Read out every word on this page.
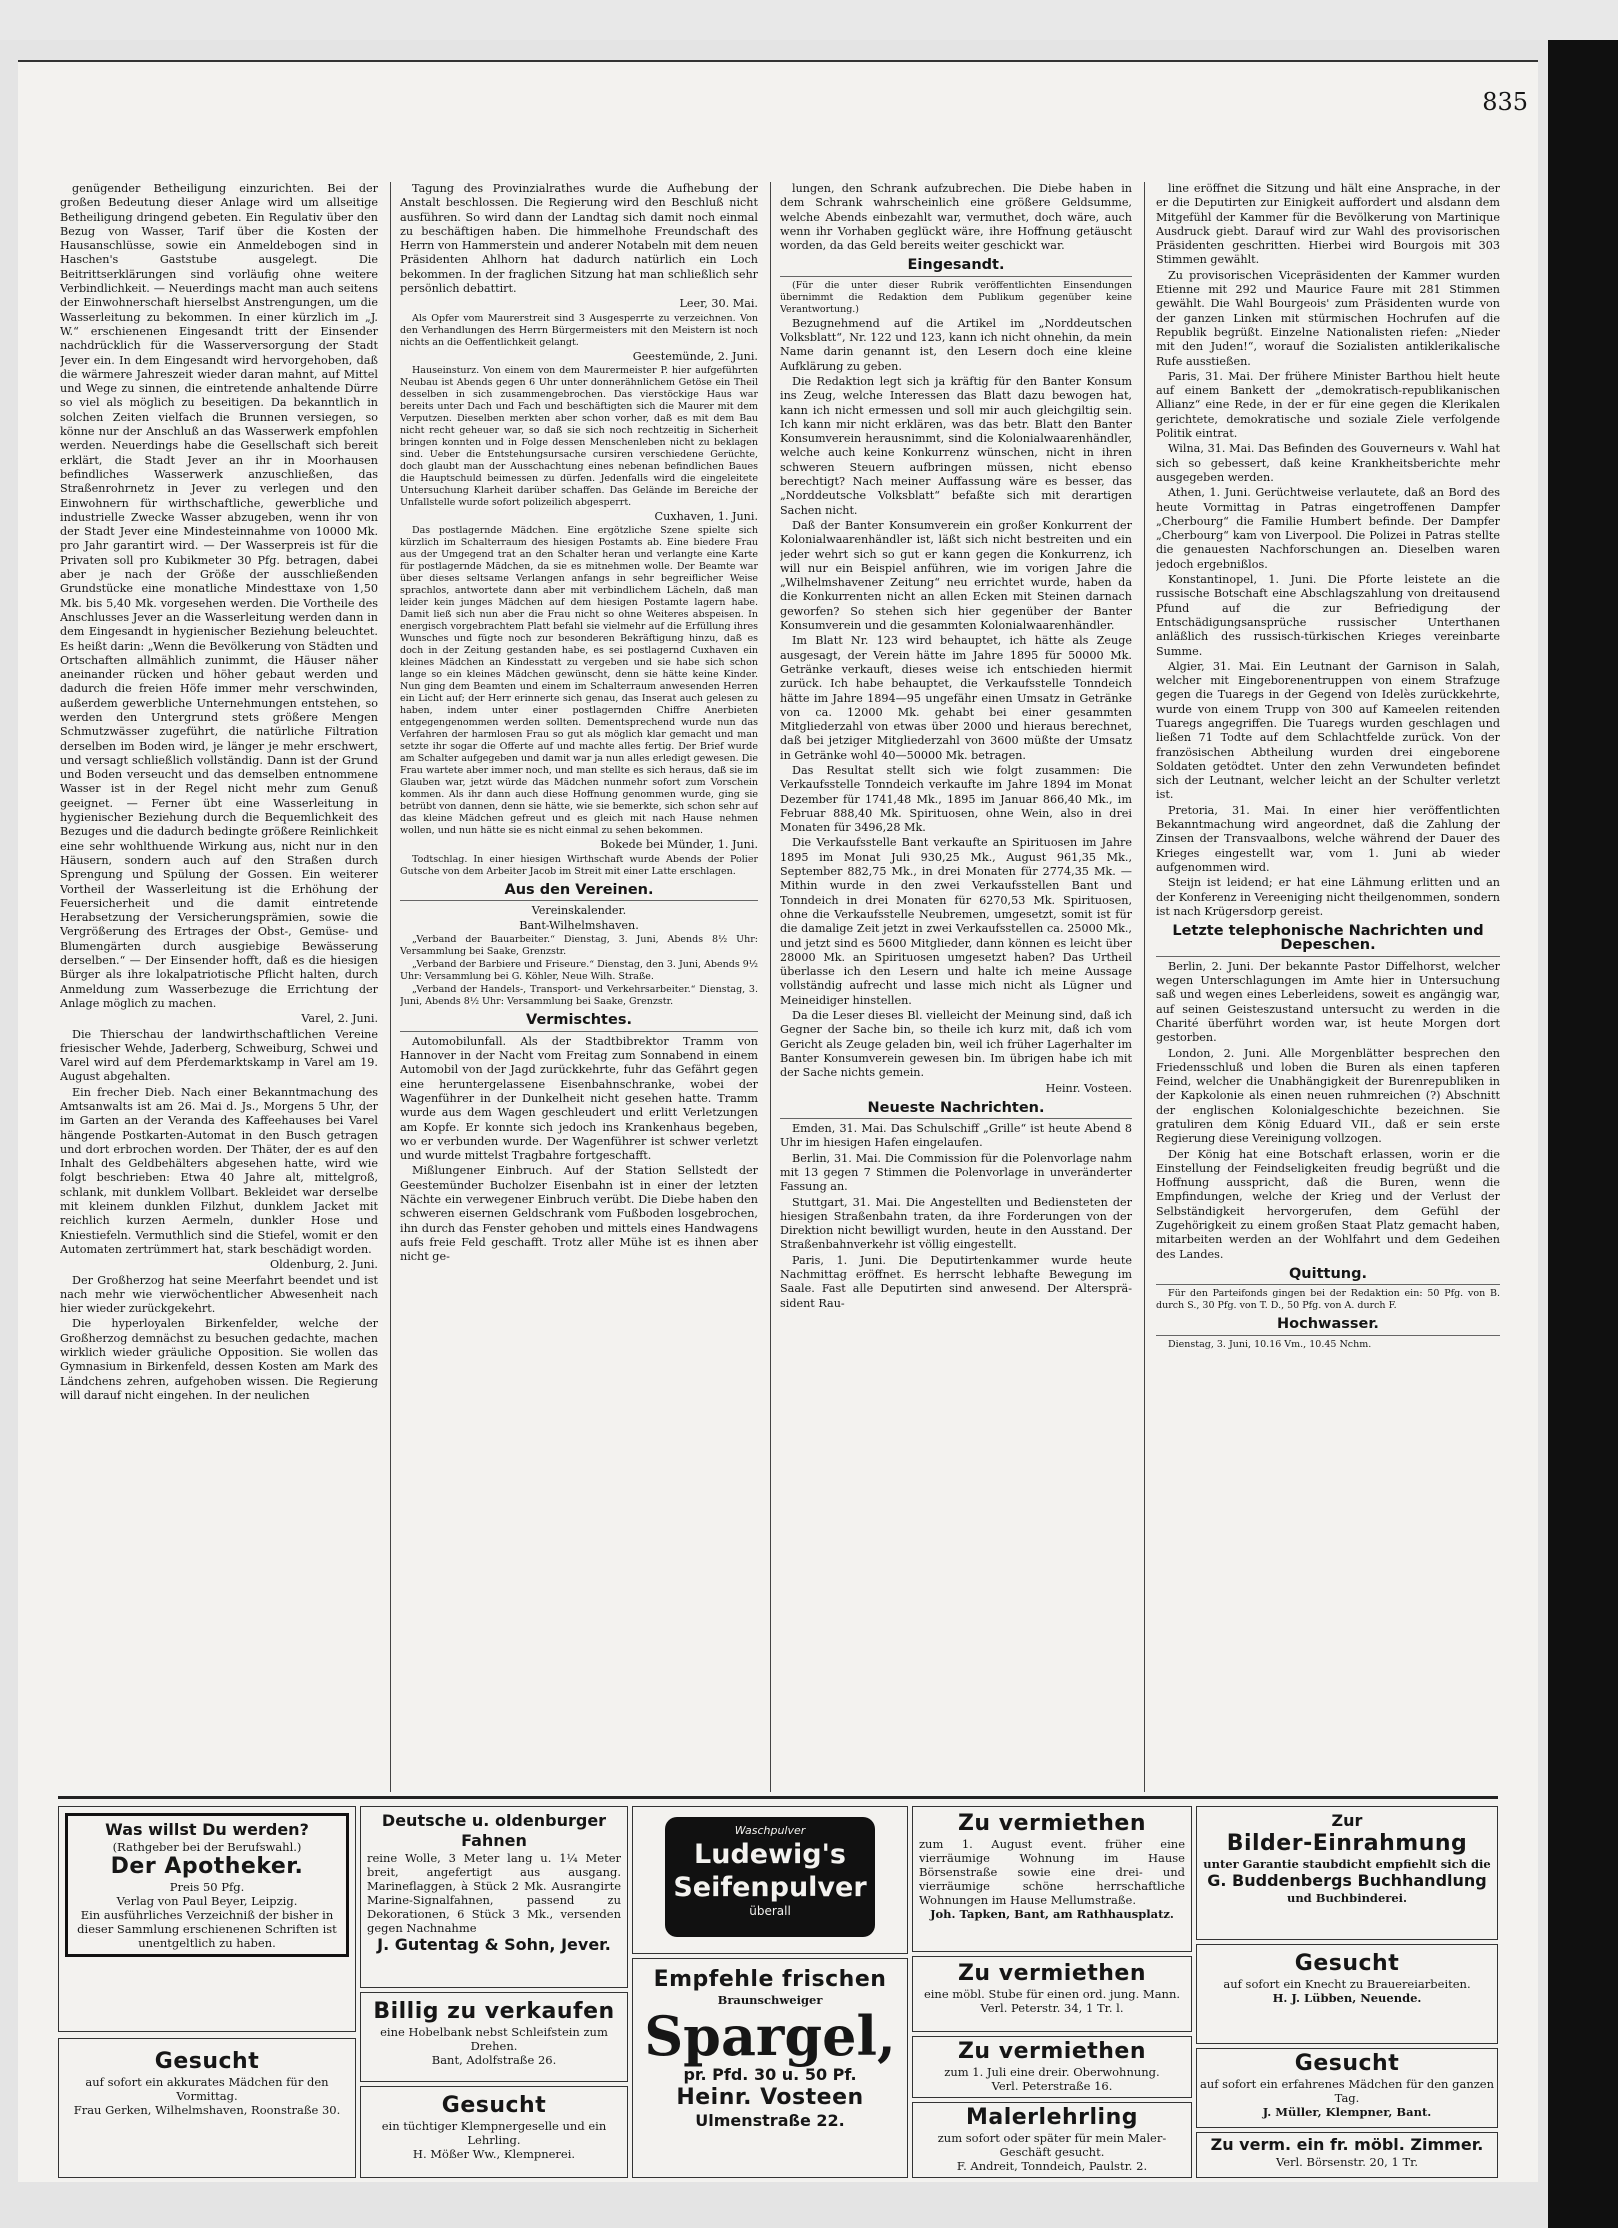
835

genügender Betheiligung einzurichten. Bei der großen Bedeutung dieser Anlage wird um allseitige Betheiligung dringend gebeten. Ein Regulativ über den Bezug von Wasser, Tarif über die Kosten der Hausanschlüsse, sowie ein Anmeldebogen sind in Haschen's Gaststube ausgelegt. Die Beitrittserklärungen sind vorläufig ohne weitere Verbindlichkeit. — Neuerdings macht man auch seitens der Einwohnerschaft hierselbst Anstrengungen, um die Wasserleitung zu bekommen. In einer kürzlich im „J. W.“ erschienenen Eingesandt tritt der Einsender nachdrücklich für die Wasserversorgung der Stadt Jever ein. In dem Eingesandt wird hervorgehoben, daß die wärmere Jahreszeit wieder daran mahnt, auf Mittel und Wege zu sinnen, die eintretende anhaltende Dürre so viel als möglich zu beseitigen. Da bekanntlich in solchen Zeiten vielfach die Brunnen versiegen, so könne nur der Anschluß an das Wasserwerk empfohlen werden. Neuerdings habe die Gesellschaft sich bereit erklärt, die Stadt Jever an ihr in Moorhausen befindliches Wasserwerk anzuschließen, das Straßenrohrnetz in Jever zu verlegen und den Einwohnern für wirthschaftliche, gewerbliche und industrielle Zwecke Wasser abzugeben, wenn ihr von der Stadt Jever eine Mindesteinnahme von 10000 Mk. pro Jahr garantirt wird. — Der Wasserpreis ist für die Privaten soll pro Kubikmeter 30 Pfg. betragen, dabei aber je nach der Größe der ausschließenden Grundstücke eine monatliche Mindesttaxe von 1,50 Mk. bis 5,40 Mk. vorgesehen werden. Die Vortheile des Anschlusses Jever an die Wasserleitung werden dann in dem Eingesandt in hygienischer Beziehung beleuchtet. Es heißt darin: „Wenn die Bevölkerung von Städten und Ortschaften allmählich zunimmt, die Häuser näher aneinander rücken und höher gebaut werden und dadurch die freien Höfe immer mehr verschwinden, außerdem gewerbliche Unternehmungen entstehen, so werden den Untergrund stets größere Mengen Schmutzwässer zugeführt, die natürliche Filtration derselben im Boden wird, je länger je mehr erschwert, und versagt schließlich vollständig. Dann ist der Grund und Boden verseucht und das demselben entnommene Wasser ist in der Regel nicht mehr zum Genuß geeignet. — Ferner übt eine Wasserleitung in hygienischer Beziehung durch die Bequemlichkeit des Bezuges und die dadurch bedingte größere Reinlichkeit eine sehr wohlthuende Wirkung aus, nicht nur in den Häusern, sondern auch auf den Straßen durch Sprengung und Spülung der Gossen. Ein weiterer Vortheil der Wasserleitung ist die Erhöhung der Feuersicherheit und die damit eintretende Herabsetzung der Versicherungsprämien, sowie die Vergrößerung des Ertrages der Obst-, Gemüse- und Blumengärten durch ausgiebige Bewässerung derselben.“ — Der Einsender hofft, daß es die hiesigen Bürger als ihre lokalpatriotische Pflicht halten, durch Anmeldung zum Wasserbezuge die Errichtung der Anlage möglich zu machen.

Varel, 2. Juni.

Die Thierschau der landwirthschaftlichen Vereine friesischer Wehde, Jaderberg, Schweiburg, Schwei und Varel wird auf dem Pferdemarktskamp in Varel am 19. August abgehalten.

Ein frecher Dieb. Nach einer Bekanntmachung des Amtsanwalts ist am 26. Mai d. Js., Morgens 5 Uhr, der im Garten an der Veranda des Kaffeehauses bei Varel hängende Postkarten-Automat in den Busch getragen und dort erbrochen worden. Der Thäter, der es auf den Inhalt des Geldbehälters abgesehen hatte, wird wie folgt beschrieben: Etwa 40 Jahre alt, mittelgroß, schlank, mit dunklem Vollbart. Bekleidet war derselbe mit kleinem dunklen Filzhut, dunklem Jacket mit reichlich kurzen Aermeln, dunkler Hose und Kniestiefeln. Vermuthlich sind die Stiefel, womit er den Automaten zertrümmert hat, stark beschädigt worden.

Oldenburg, 2. Juni.

Der Großherzog hat seine Meerfahrt beendet und ist nach mehr wie vierwöchentlicher Abwesenheit nach hier wieder zurückgekehrt.

Die hyperloyalen Birkenfelder, welche der Großherzog demnächst zu besuchen gedachte, machen wirklich wieder gräuliche Opposition. Sie wollen das Gymnasium in Birkenfeld, dessen Kosten am Mark des Ländchens zehren, aufgehoben wissen. Die Regierung will darauf nicht eingehen. In der neulichen

Tagung des Provinzialrathes wurde die Aufhebung der Anstalt beschlossen. Die Regierung wird den Beschluß nicht ausführen. So wird dann der Landtag sich damit noch einmal zu beschäftigen haben. Die himmelhohe Freundschaft des Herrn von Hammerstein und anderer Notabeln mit dem neuen Präsidenten Ahlhorn hat dadurch natürlich ein Loch bekommen. In der fraglichen Sitzung hat man schließlich sehr persönlich debattirt.

Leer, 30. Mai.

Als Opfer vom Maurerstreit sind 3 Ausgesperrte zu verzeichnen. Von den Verhandlungen des Herrn Bürgermeisters mit den Meistern ist noch nichts an die Oeffentlichkeit gelangt.

Geestemünde, 2. Juni.

Hauseinsturz. Von einem von dem Maurermeister P. hier aufgeführten Neubau ist Abends gegen 6 Uhr unter donnerähnlichem Getöse ein Theil desselben in sich zusammengebrochen. Das vierstöckige Haus war bereits unter Dach und Fach und beschäftigten sich die Maurer mit dem Verputzen. Dieselben merkten aber schon vorher, daß es mit dem Bau nicht recht geheuer war, so daß sie sich noch rechtzeitig in Sicherheit bringen konnten und in Folge dessen Menschenleben nicht zu beklagen sind. Ueber die Entstehungsursache cursiren verschiedene Gerüchte, doch glaubt man der Ausschachtung eines nebenan befindlichen Baues die Hauptschuld beimessen zu dürfen. Jedenfalls wird die eingeleitete Untersuchung Klarheit darüber schaffen. Das Gelände im Bereiche der Unfallstelle wurde sofort polizeilich abgesperrt.

Cuxhaven, 1. Juni.

Das postlagernde Mädchen. Eine ergötzliche Szene spielte sich kürzlich im Schalterraum des hiesigen Postamts ab. Eine biedere Frau aus der Umgegend trat an den Schalter heran und verlangte eine Karte für postlagernde Mädchen, da sie es mitnehmen wolle. Der Beamte war über dieses seltsame Verlangen anfangs in sehr begreiflicher Weise sprachlos, antwortete dann aber mit verbindlichem Lächeln, daß man leider kein junges Mädchen auf dem hiesigen Postamte lagern habe. Damit ließ sich nun aber die Frau nicht so ohne Weiteres abspeisen. In energisch vorgebrachtem Platt befahl sie vielmehr auf die Erfüllung ihres Wunsches und fügte noch zur besonderen Bekräftigung hinzu, daß es doch in der Zeitung gestanden habe, es sei postlagernd Cuxhaven ein kleines Mädchen an Kindesstatt zu vergeben und sie habe sich schon lange so ein kleines Mädchen gewünscht, denn sie hätte keine Kinder. Nun ging dem Beamten und einem im Schalterraum anwesenden Herren ein Licht auf; der Herr erinnerte sich genau, das Inserat auch gelesen zu haben, indem unter einer postlagernden Chiffre Anerbieten entgegengenommen werden sollten. Dementsprechend wurde nun das Verfahren der harmlosen Frau so gut als möglich klar gemacht und man setzte ihr sogar die Offerte auf und machte alles fertig. Der Brief wurde am Schalter aufgegeben und damit war ja nun alles erledigt gewesen. Die Frau wartete aber immer noch, und man stellte es sich heraus, daß sie im Glauben war, jetzt würde das Mädchen nunmehr sofort zum Vorschein kommen. Als ihr dann auch diese Hoffnung genommen wurde, ging sie betrübt von dannen, denn sie hätte, wie sie bemerkte, sich schon sehr auf das kleine Mädchen gefreut und es gleich mit nach Hause nehmen wollen, und nun hätte sie es nicht einmal zu sehen bekommen.

Bokede bei Münder, 1. Juni.

Todtschlag. In einer hiesigen Wirthschaft wurde Abends der Polier Gutsche von dem Arbeiter Jacob im Streit mit einer Latte erschlagen.

Aus den Vereinen.

Vereinskalender.

Bant-Wilhelmshaven.

„Verband der Bauarbeiter.“ Dienstag, 3. Juni, Abends 8½ Uhr: Versammlung bei Saake, Grenzstr.

„Verband der Barbiere und Friseure.“ Dienstag, den 3. Juni, Abends 9½ Uhr: Versammlung bei G. Köhler, Neue Wilh. Straße.

„Verband der Handels-, Transport- und Verkehrsarbeiter.“ Dienstag, 3. Juni, Abends 8½ Uhr: Versammlung bei Saake, Grenzstr.

Vermischtes.

Automobilunfall. Als der Stadtbibrektor Tramm von Hannover in der Nacht vom Freitag zum Sonnabend in einem Automobil von der Jagd zurückkehrte, fuhr das Gefährt gegen eine heruntergelassene Eisenbahnschranke, wobei der Wagenführer in der Dunkelheit nicht gesehen hatte. Tramm wurde aus dem Wagen geschleudert und erlitt Verletzungen am Kopfe. Er konnte sich jedoch ins Krankenhaus begeben, wo er verbunden wurde. Der Wagenführer ist schwer verletzt und wurde mittelst Tragbahre fortgeschafft.

Mißlungener Einbruch. Auf der Station Sellstedt der Geestemünder Bucholzer Eisenbahn ist in einer der letzten Nächte ein verwegener Einbruch verübt. Die Diebe haben den schweren eisernen Geldschrank vom Fußboden losgebrochen, ihn durch das Fenster gehoben und mittels eines Handwagens aufs freie Feld geschafft. Trotz aller Mühe ist es ihnen aber nicht ge-

lungen, den Schrank aufzubrechen. Die Diebe haben in dem Schrank wahrscheinlich eine größere Geldsumme, welche Abends einbezahlt war, vermuthet, doch wäre, auch wenn ihr Vorhaben geglückt wäre, ihre Hoffnung getäuscht worden, da das Geld bereits weiter geschickt war.

Eingesandt.

(Für die unter dieser Rubrik veröffentlichten Einsendungen übernimmt die Redaktion dem Publikum gegenüber keine Verantwortung.)

Bezugnehmend auf die Artikel im „Norddeutschen Volksblatt“, Nr. 122 und 123, kann ich nicht ohnehin, da mein Name darin genannt ist, den Lesern doch eine kleine Aufklärung zu geben.

Die Redaktion legt sich ja kräftig für den Banter Konsum ins Zeug, welche Interessen das Blatt dazu bewogen hat, kann ich nicht ermessen und soll mir auch gleichgiltig sein. Ich kann mir nicht erklären, was das betr. Blatt den Banter Konsumverein herausnimmt, sind die Kolonialwaarenhändler, welche auch keine Konkurrenz wünschen, nicht in ihren schweren Steuern aufbringen müssen, nicht ebenso berechtigt? Nach meiner Auffassung wäre es besser, das „Norddeutsche Volksblatt“ befaßte sich mit derartigen Sachen nicht.

Daß der Banter Konsumverein ein großer Konkurrent der Kolonialwaarenhändler ist, läßt sich nicht bestreiten und ein jeder wehrt sich so gut er kann gegen die Konkurrenz, ich will nur ein Beispiel anführen, wie im vorigen Jahre die „Wilhelmshavener Zeitung“ neu errichtet wurde, haben da die Konkurrenten nicht an allen Ecken mit Steinen darnach geworfen? So stehen sich hier gegenüber der Banter Konsumverein und die gesammten Kolonialwaarenhändler.

Im Blatt Nr. 123 wird behauptet, ich hätte als Zeuge ausgesagt, der Verein hätte im Jahre 1895 für 50000 Mk. Getränke verkauft, dieses weise ich entschieden hiermit zurück. Ich habe behauptet, die Verkaufsstelle Tonndeich hätte im Jahre 1894—95 ungefähr einen Umsatz in Getränke von ca. 12000 Mk. gehabt bei einer gesammten Mitgliederzahl von etwas über 2000 und hieraus berechnet, daß bei jetziger Mitgliederzahl von 3600 müßte der Umsatz in Getränke wohl 40—50000 Mk. betragen.

Das Resultat stellt sich wie folgt zusammen: Die Verkaufsstelle Tonndeich verkaufte im Jahre 1894 im Monat Dezember für 1741,48 Mk., 1895 im Januar 866,40 Mk., im Februar 888,40 Mk. Spirituosen, ohne Wein, also in drei Monaten für 3496,28 Mk.

Die Verkaufsstelle Bant verkaufte an Spirituosen im Jahre 1895 im Monat Juli 930,25 Mk., August 961,35 Mk., September 882,75 Mk., in drei Monaten für 2774,35 Mk. — Mithin wurde in den zwei Verkaufsstellen Bant und Tonndeich in drei Monaten für 6270,53 Mk. Spirituosen, ohne die Verkaufsstelle Neubremen, umgesetzt, somit ist für die damalige Zeit jetzt in zwei Verkaufsstellen ca. 25000 Mk., und jetzt sind es 5600 Mitglieder, dann können es leicht über 28000 Mk. an Spirituosen umgesetzt haben? Das Urtheil überlasse ich den Lesern und halte ich meine Aussage vollständig aufrecht und lasse mich nicht als Lügner und Meineidiger hinstellen.

Da die Leser dieses Bl. vielleicht der Meinung sind, daß ich Gegner der Sache bin, so theile ich kurz mit, daß ich vom Gericht als Zeuge geladen bin, weil ich früher Lagerhalter im Banter Konsumverein gewesen bin. Im übrigen habe ich mit der Sache nichts gemein.

Heinr. Vosteen.

Neueste Nachrichten.

Emden, 31. Mai. Das Schulschiff „Grille“ ist heute Abend 8 Uhr im hiesigen Hafen eingelaufen.

Berlin, 31. Mai. Die Commission für die Polenvorlage nahm mit 13 gegen 7 Stimmen die Polenvorlage in unveränderter Fassung an.

Stuttgart, 31. Mai. Die Angestellten und Bediensteten der hiesigen Straßenbahn traten, da ihre Forderungen von der Direktion nicht bewilligt wurden, heute in den Ausstand. Der Straßenbahnverkehr ist völlig eingestellt.

Paris, 1. Juni. Die Deputirtenkammer wurde heute Nachmittag eröffnet. Es herrscht lebhafte Bewegung im Saale. Fast alle Deputirten sind anwesend. Der Alterspräsident Rau-

line eröffnet die Sitzung und hält eine Ansprache, in der er die Deputirten zur Einigkeit auffordert und alsdann dem Mitgefühl der Kammer für die Bevölkerung von Martinique Ausdruck giebt. Darauf wird zur Wahl des provisorischen Präsidenten geschritten. Hierbei wird Bourgois mit 303 Stimmen gewählt.

Zu provisorischen Vicepräsidenten der Kammer wurden Etienne mit 292 und Maurice Faure mit 281 Stimmen gewählt. Die Wahl Bourgeois' zum Präsidenten wurde von der ganzen Linken mit stürmischen Hochrufen auf die Republik begrüßt. Einzelne Nationalisten riefen: „Nieder mit den Juden!“, worauf die Sozialisten antiklerikalische Rufe ausstießen.

Paris, 31. Mai. Der frühere Minister Barthou hielt heute auf einem Bankett der „demokratisch-republikanischen Allianz“ eine Rede, in der er für eine gegen die Klerikalen gerichtete, demokratische und soziale Ziele verfolgende Politik eintrat.

Wilna, 31. Mai. Das Befinden des Gouverneurs v. Wahl hat sich so gebessert, daß keine Krankheitsberichte mehr ausgegeben werden.

Athen, 1. Juni. Gerüchtweise verlautete, daß an Bord des heute Vormittag in Patras eingetroffenen Dampfer „Cherbourg“ die Familie Humbert befinde. Der Dampfer „Cherbourg“ kam von Liverpool. Die Polizei in Patras stellte die genauesten Nachforschungen an. Dieselben waren jedoch ergebnißlos.

Konstantinopel, 1. Juni. Die Pforte leistete an die russische Botschaft eine Abschlagszahlung von dreitausend Pfund auf die zur Befriedigung der Entschädigungsansprüche russischer Unterthanen anläßlich des russisch-türkischen Krieges vereinbarte Summe.

Algier, 31. Mai. Ein Leutnant der Garnison in Salah, welcher mit Eingeborenentruppen von einem Strafzuge gegen die Tuaregs in der Gegend von Idelès zurückkehrte, wurde von einem Trupp von 300 auf Kameelen reitenden Tuaregs angegriffen. Die Tuaregs wurden geschlagen und ließen 71 Todte auf dem Schlachtfelde zurück. Von der französischen Abtheilung wurden drei eingeborene Soldaten getödtet. Unter den zehn Verwundeten befindet sich der Leutnant, welcher leicht an der Schulter verletzt ist.

Pretoria, 31. Mai. In einer hier veröffentlichten Bekanntmachung wird angeordnet, daß die Zahlung der Zinsen der Transvaalbons, welche während der Dauer des Krieges eingestellt war, vom 1. Juni ab wieder aufgenommen wird.

Steijn ist leidend; er hat eine Lähmung erlitten und an der Konferenz in Vereeniging nicht theilgenommen, sondern ist nach Krügersdorp gereist.

Letzte telephonische Nachrichten und Depeschen.

Berlin, 2. Juni. Der bekannte Pastor Diffelhorst, welcher wegen Unterschlagungen im Amte hier in Untersuchung saß und wegen eines Leberleidens, soweit es angängig war, auf seinen Geisteszustand untersucht zu werden in die Charité überführt worden war, ist heute Morgen dort gestorben.

London, 2. Juni. Alle Morgenblätter besprechen den Friedensschluß und loben die Buren als einen tapferen Feind, welcher die Unabhängigkeit der Burenrepubliken in der Kapkolonie als einen neuen ruhmreichen (?) Abschnitt der englischen Kolonialgeschichte bezeichnen. Sie gratuliren dem König Eduard VII., daß er sein erste Regierung diese Vereinigung vollzogen.

Der König hat eine Botschaft erlassen, worin er die Einstellung der Feindseligkeiten freudig begrüßt und die Hoffnung ausspricht, daß die Buren, wenn die Empfindungen, welche der Krieg und der Verlust der Selbständigkeit hervorgerufen, dem Gefühl der Zugehörigkeit zu einem großen Staat Platz gemacht haben, mitarbeiten werden an der Wohlfahrt und dem Gedeihen des Landes.

Quittung.

Für den Parteifonds gingen bei der Redaktion ein: 50 Pfg. von B. durch S., 30 Pfg. von T. D., 50 Pfg. von A. durch F.

Hochwasser.

Dienstag, 3. Juni, 10.16 Vm., 10.45 Nchm.

Was willst Du werden?
(Rathgeber bei der Berufswahl.)
Der Apotheker.
Preis 50 Pfg.
Verlag von Paul Beyer, Leipzig.
Ein ausführliches Verzeichniß der bisher in dieser Sammlung erschienenen Schriften ist unentgeltlich zu haben.
Gesucht
auf sofort ein akkurates Mädchen für den Vormittag.
Frau Gerken, Wilhelmshaven, Roonstraße 30.
Deutsche u. oldenburger Fahnen
reine Wolle, 3 Meter lang u. 1¼ Meter breit, angefertigt aus ausgang. Marineflaggen, à Stück 2 Mk. Ausrangirte Marine-Signalfahnen, passend zu Dekorationen, 6 Stück 3 Mk., versenden gegen Nachnahme
J. Gutentag & Sohn, Jever.
Billig zu verkaufen
eine Hobelbank nebst Schleifstein zum Drehen.
Bant, Adolfstraße 26.
Gesucht
ein tüchtiger Klempnergeselle und ein Lehrling.
H. Mößer Ww., Klempnerei.
Waschpulver
Ludewig's
Seifenpulver
überall
Empfehle frischen
Braunschweiger
Spargel,
pr. Pfd. 30 u. 50 Pf.
Heinr. Vosteen
Ulmenstraße 22.
Zu vermiethen
zum 1. August event. früher eine vierräumige Wohnung im Hause Börsenstraße sowie eine drei- und vierräumige schöne herrschaftliche Wohnungen im Hause Mellumstraße.
Joh. Tapken, Bant, am Rathhausplatz.
Zu vermiethen
eine möbl. Stube für einen ord. jung. Mann.
Verl. Peterstr. 34, 1 Tr. l.
Zu vermiethen
zum 1. Juli eine dreir. Oberwohnung.
Verl. Peterstraße 16.
Malerlehrling
zum sofort oder später für mein Maler-Geschäft gesucht.
F. Andreit, Tonndeich, Paulstr. 2.
Zur
Bilder-Einrahmung
unter Garantie staubdicht empfiehlt sich die
G. Buddenbergs Buchhandlung
und Buchbinderei.
Gesucht
auf sofort ein Knecht zu Brauereiarbeiten.
H. J. Lübben, Neuende.
Gesucht
auf sofort ein erfahrenes Mädchen für den ganzen Tag.
J. Müller, Klempner, Bant.
Zu verm. ein fr. möbl. Zimmer.
Verl. Börsenstr. 20, 1 Tr.
